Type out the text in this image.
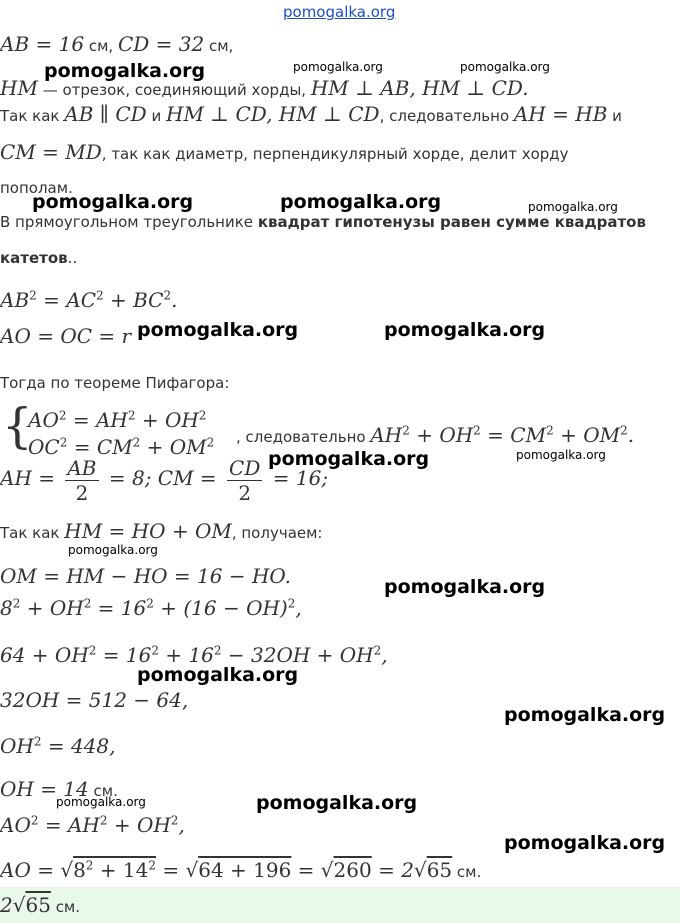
pomogalka.org
AB = 16 см, CD = 32 см,
HM — отрезок, соединяющий хорды, HM ⊥ AB, HM ⊥ CD.
Так как AB ∥ CD и HM ⊥ CD, HM ⊥ CD, следовательно AH = HB и
CM = MD, так как диаметр, перпендикулярный хорде, делит хорду
пополам.
В прямоугольном треугольнике квадрат гипотенузы равен сумме квадратов
катетов..
$AB^2 = AC^2 + BC^2$.
AO = OC = r
Тогда по теореме Пифагора:
{
$AO^2 = AH^2 + OH^2$
$OC^2 = CM^2 + OM^2$ , следовательно $AH^2 + OH^2 = CM^2 + OM^2$.
AH = $\frac{AB}{2} = 8$; CM = $\frac{CD}{2} = 16$;
Так как HM = HO + OM, получаем:
OM = HM − HO = 16 − HO.
$8^2 + OH^2 = 16^2 + (16 - OH)^2$,
$64 + OH^2 = 16^2 + 16^2 - 32OH + OH^2$,
32OH = 512 − 64,
$OH^2 = 448$,
OH = 14 см.
$AO^2 = AH^2 + OH^2$,
AO = $√8^2 + 14^2 = √64 + 196 = √260 = 2√65$ см.
2√65 см.
pomogalka.org	pomogalka.org	pomogalka.org
pomogalka.org	pomogalka.org	pomogalka.org
pomogalka.org	pomogalka.org
pomogalka.org	pomogalka.org
pomogalka.org
pomogalka.org
pomogalka.org
pomogalka.org
pomogalka.org	pomogalka.org
pomogalka.org
